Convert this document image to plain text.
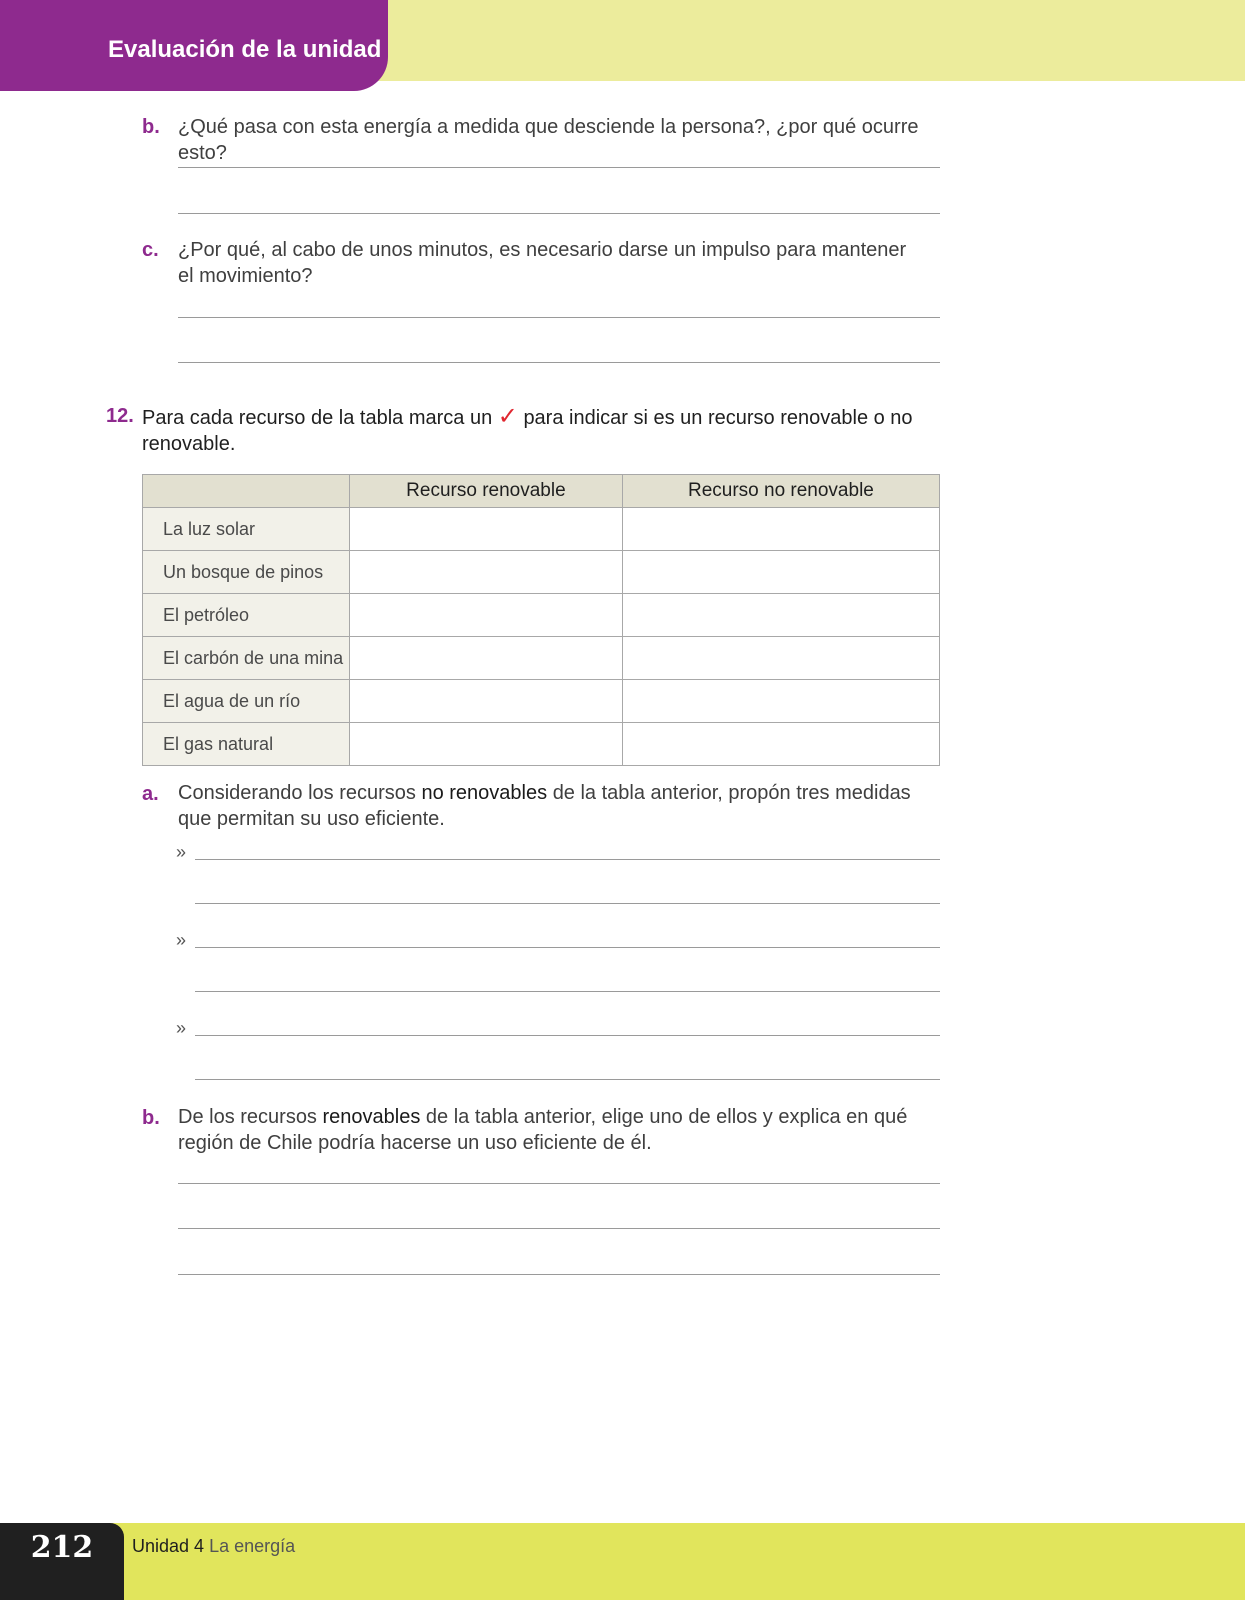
Evaluación de la unidad
b. ¿Qué pasa con esta energía a medida que desciende la persona?, ¿por qué ocurre esto?
c. ¿Por qué, al cabo de unos minutos, es necesario darse un impulso para mantener el movimiento?
12. Para cada recurso de la tabla marca un ✓ para indicar si es un recurso renovable o no renovable.
	Recurso renovable	Recurso no renovable
La luz solar		
Un bosque de pinos		
El petróleo		
El carbón de una mina		
El agua de un río		
El gas natural		
a. Considerando los recursos no renovables de la tabla anterior, propón tres medidas que permitan su uso eficiente.
»
»
»
b. De los recursos renovables de la tabla anterior, elige uno de ellos y explica en qué región de Chile podría hacerse un uso eficiente de él.
212	Unidad 4 La energía
